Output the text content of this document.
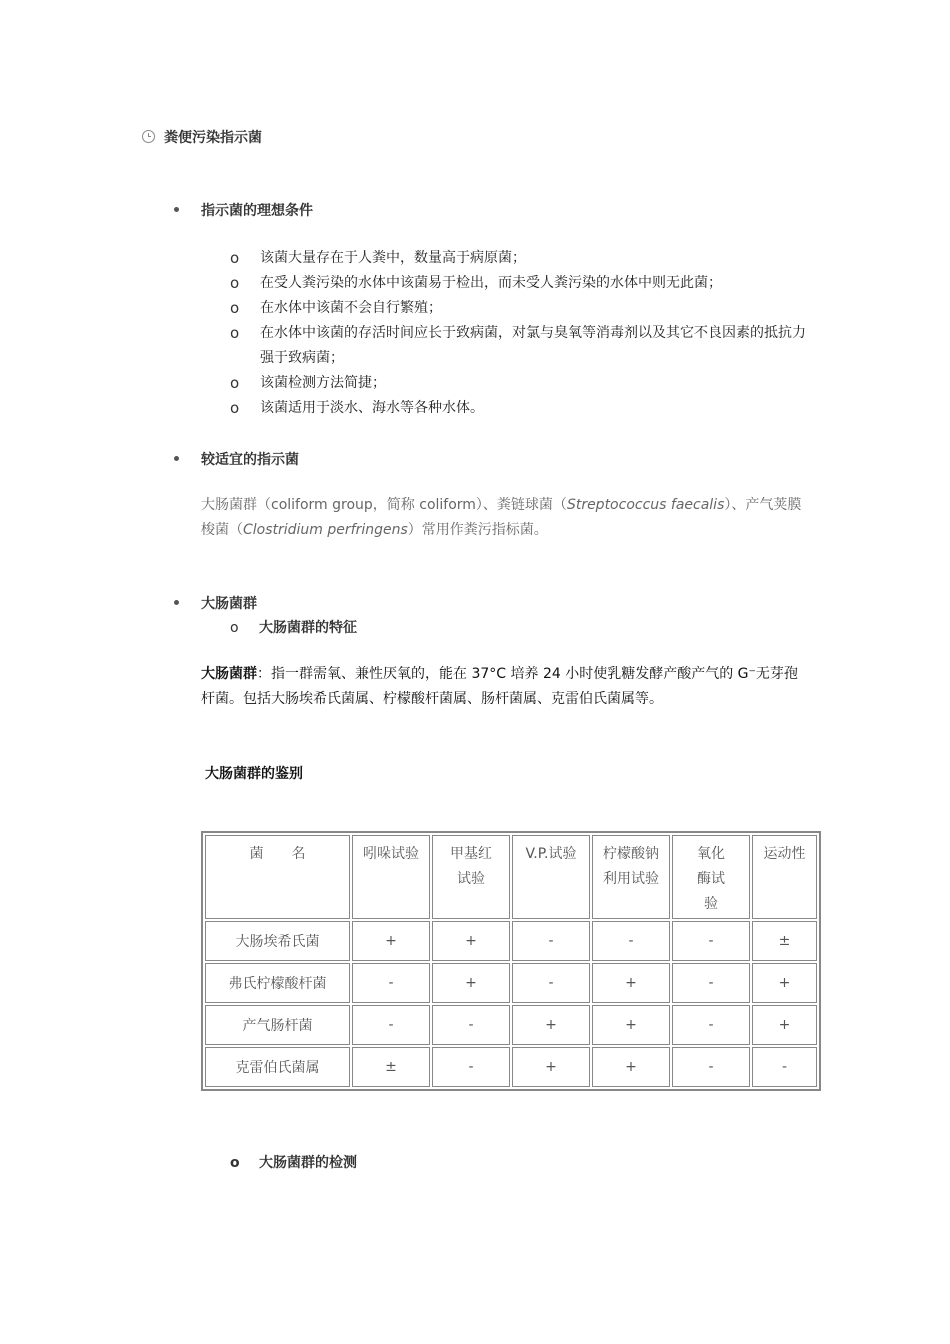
粪便污染指示菌
指示菌的理想条件
o 该菌大量存在于人粪中，数量高于病原菌；
o 在受人粪污染的水体中该菌易于检出，而未受人粪污染的水体中则无此菌；
o 在水体中该菌不会自行繁殖；
o 在水体中该菌的存活时间应长于致病菌，对氯与臭氧等消毒剂以及其它不良因素的抵抗力强于致病菌；
o 该菌检测方法简捷；
o 该菌适用于淡水、海水等各种水体。
较适宜的指示菌
大肠菌群（coliform group，简称 coliform）、粪链球菌（Streptococcus faecalis）、产气荚膜梭菌（Clostridium perfringens）常用作粪污指标菌。
大肠菌群
o 大肠菌群的特征
大肠菌群：指一群需氧、兼性厌氧的，能在 37°C 培养 24 小时使乳糖发酵产酸产气的 G⁻无芽孢杆菌。包括大肠埃希氏菌属、柠檬酸杆菌属、肠杆菌属、克雷伯氏菌属等。
大肠菌群的鉴别
菌　　名	吲哚试验	甲基红试验	V.P.试验	柠檬酸钠利用试验	氧化酶试验	运动性
大肠埃希氏菌	+	+	-	-	-	±
弗氏柠檬酸杆菌	-	+	-	+	-	+
产气肠杆菌	-	-	+	+	-	+
克雷伯氏菌属	±	-	+	+	-	-
o 大肠菌群的检测
